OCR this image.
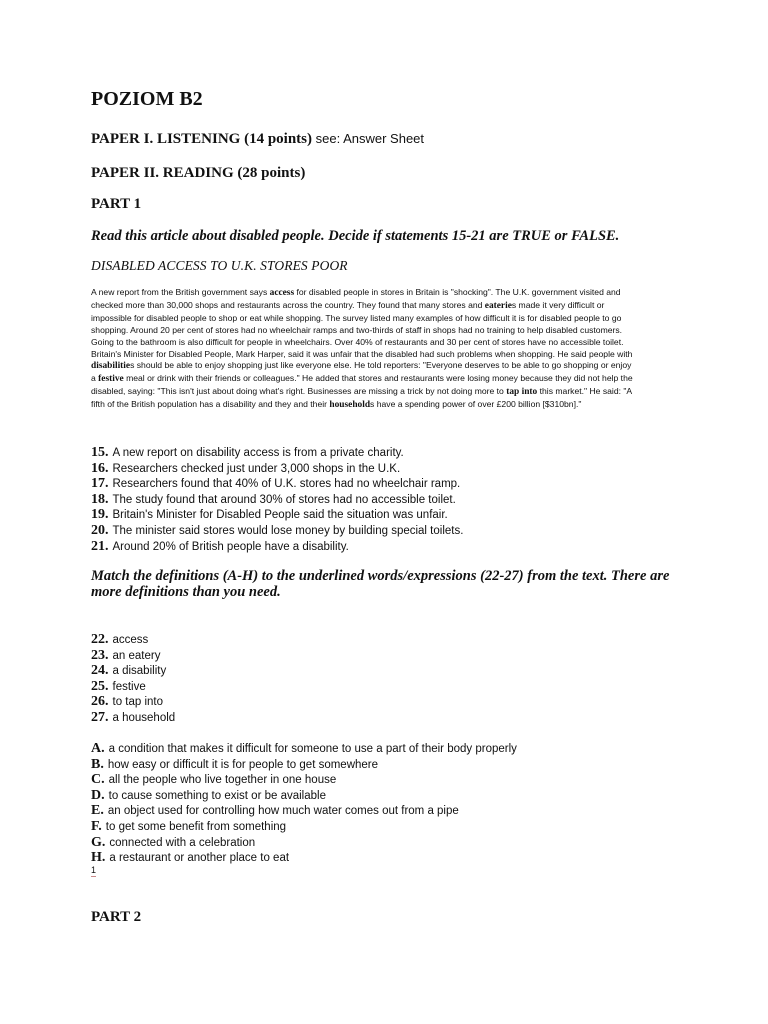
POZIOM B2
PAPER I. LISTENING (14 points) see: Answer Sheet
PAPER II. READING (28 points)
PART 1
Read this article about disabled people. Decide if statements 15-21 are TRUE or FALSE.
DISABLED ACCESS TO U.K. STORES POOR

A new report from the British government says access for disabled people in stores in Britain is "shocking". The U.K. government visited and checked more than 30,000 shops and restaurants across the country. They found that many stores and eateries made it very difficult or impossible for disabled people to shop or eat while shopping. The survey listed many examples of how difficult it is for disabled people to go shopping. Around 20 per cent of stores had no wheelchair ramps and two-thirds of staff in shops had no training to help disabled customers. Going to the bathroom is also difficult for people in wheelchairs. Over 40% of restaurants and 30 per cent of stores have no accessible toilet.

Britain's Minister for Disabled People, Mark Harper, said it was unfair that the disabled had such problems when shopping. He said people with disabilities should be able to enjoy shopping just like everyone else. He told reporters: "Everyone deserves to be able to go shopping or enjoy a festive meal or drink with their friends or colleagues." He added that stores and restaurants were losing money because they did not help the disabled, saying: "This isn't just about doing what's right. Businesses are missing a trick by not doing more to tap into this market." He said: "A fifth of the British population has a disability and they and their households have a spending power of over £200 billion [$310bn]."

15. A new report on disability access is from a private charity.
16. Researchers checked just under 3,000 shops in the U.K.
17. Researchers found that 40% of U.K. stores had no wheelchair ramp.
18. The study found that around 30% of stores had no accessible toilet.
19. Britain's Minister for Disabled People said the situation was unfair.
20. The minister said stores would lose money by building special toilets.
21. Around 20% of British people have a disability.
Match the definitions (A-H) to the underlined words/expressions (22-27) from the text. There are more definitions than you need.
22. access
23. an eatery
24. a disability
25. festive
26. to tap into
27. a household
A. a condition that makes it difficult for someone to use a part of their body properly
B. how easy or difficult it is for people to get somewhere
C. all the people who live together in one house
D. to cause something to exist or be available
E. an object used for controlling how much water comes out from a pipe
F. to get some benefit from something
G. connected with a celebration
H. a restaurant or another place to eat
1
PART 2
